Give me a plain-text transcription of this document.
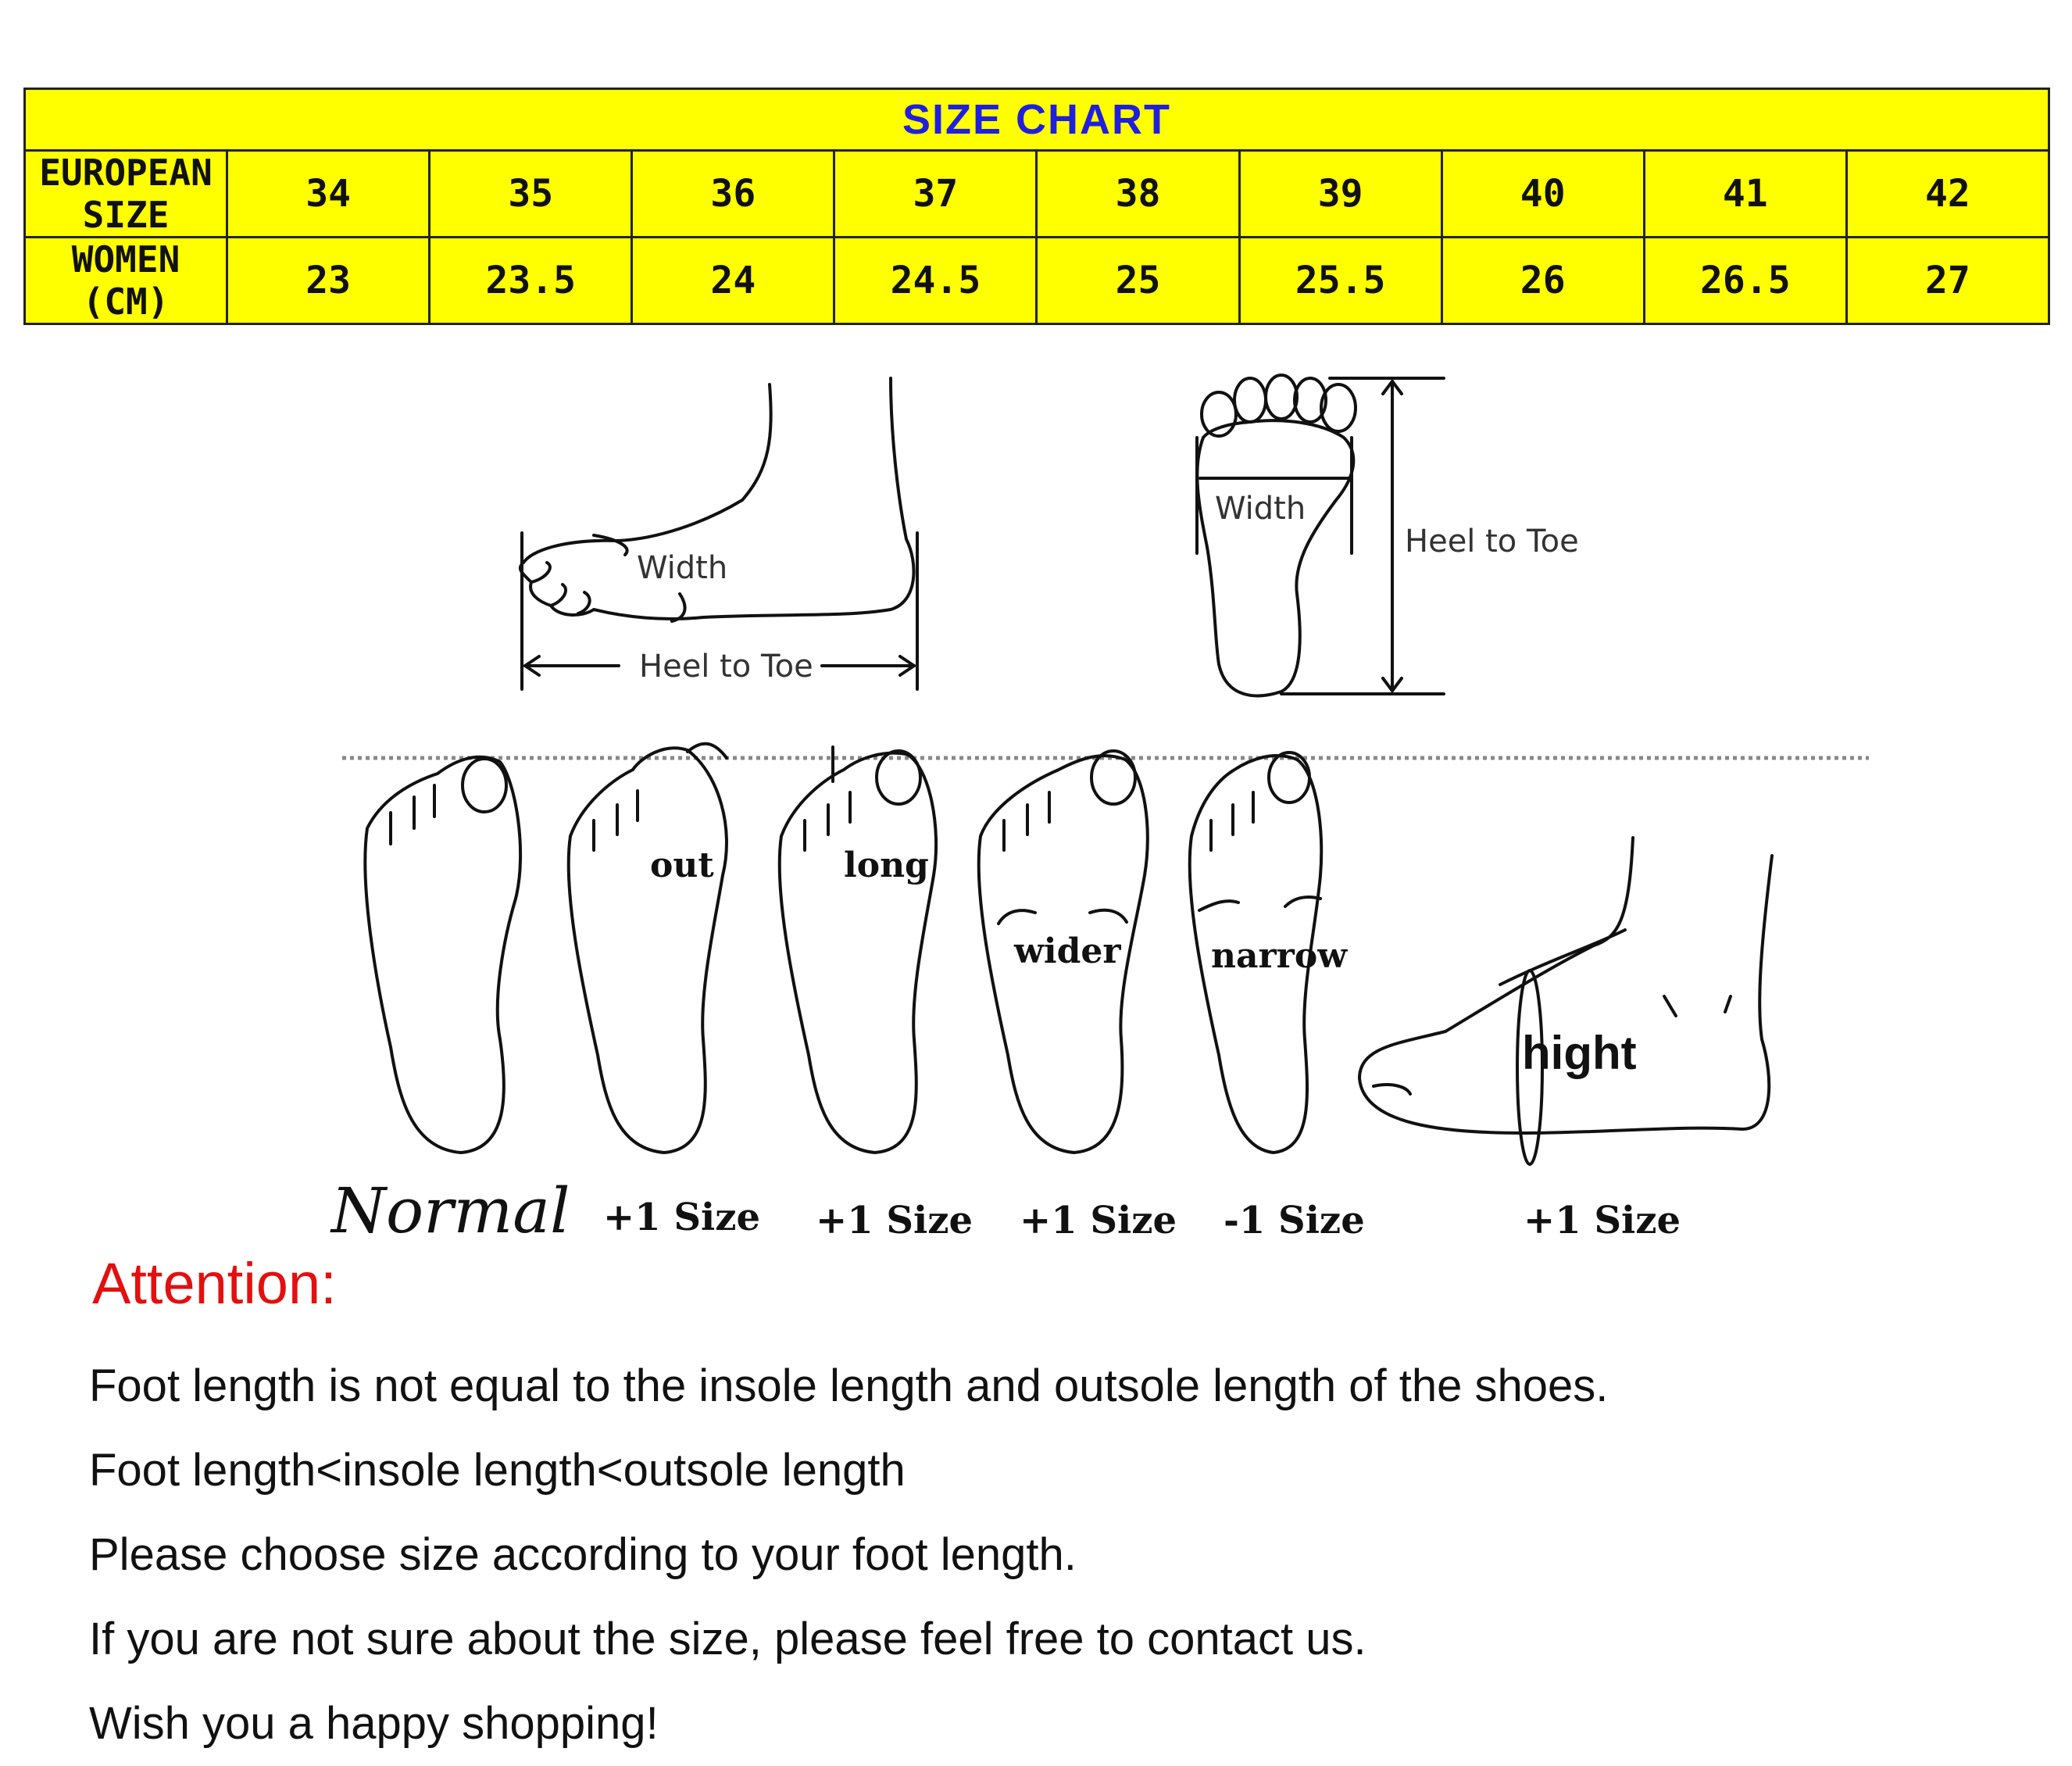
SIZE CHART									
EUROPEAN SIZE	34	35	36	37	38	39	40	41	42
WOMEN (CM)	23	23.5	24	24.5	25	25.5	26	26.5	27
Width
Heel to Toe
Width
Heel to Toe
Normal
out
+1 Size
long
+1 Size
wider
+1 Size
narrow
-1 Size
hight
+1 Size
Attention:
Foot length is not equal to the insole length and outsole length of the shoes.
Foot length<insole length<outsole length
Please choose size according to your foot length.
If you are not sure about the size, please feel free to contact us.
Wish you a happy shopping!
